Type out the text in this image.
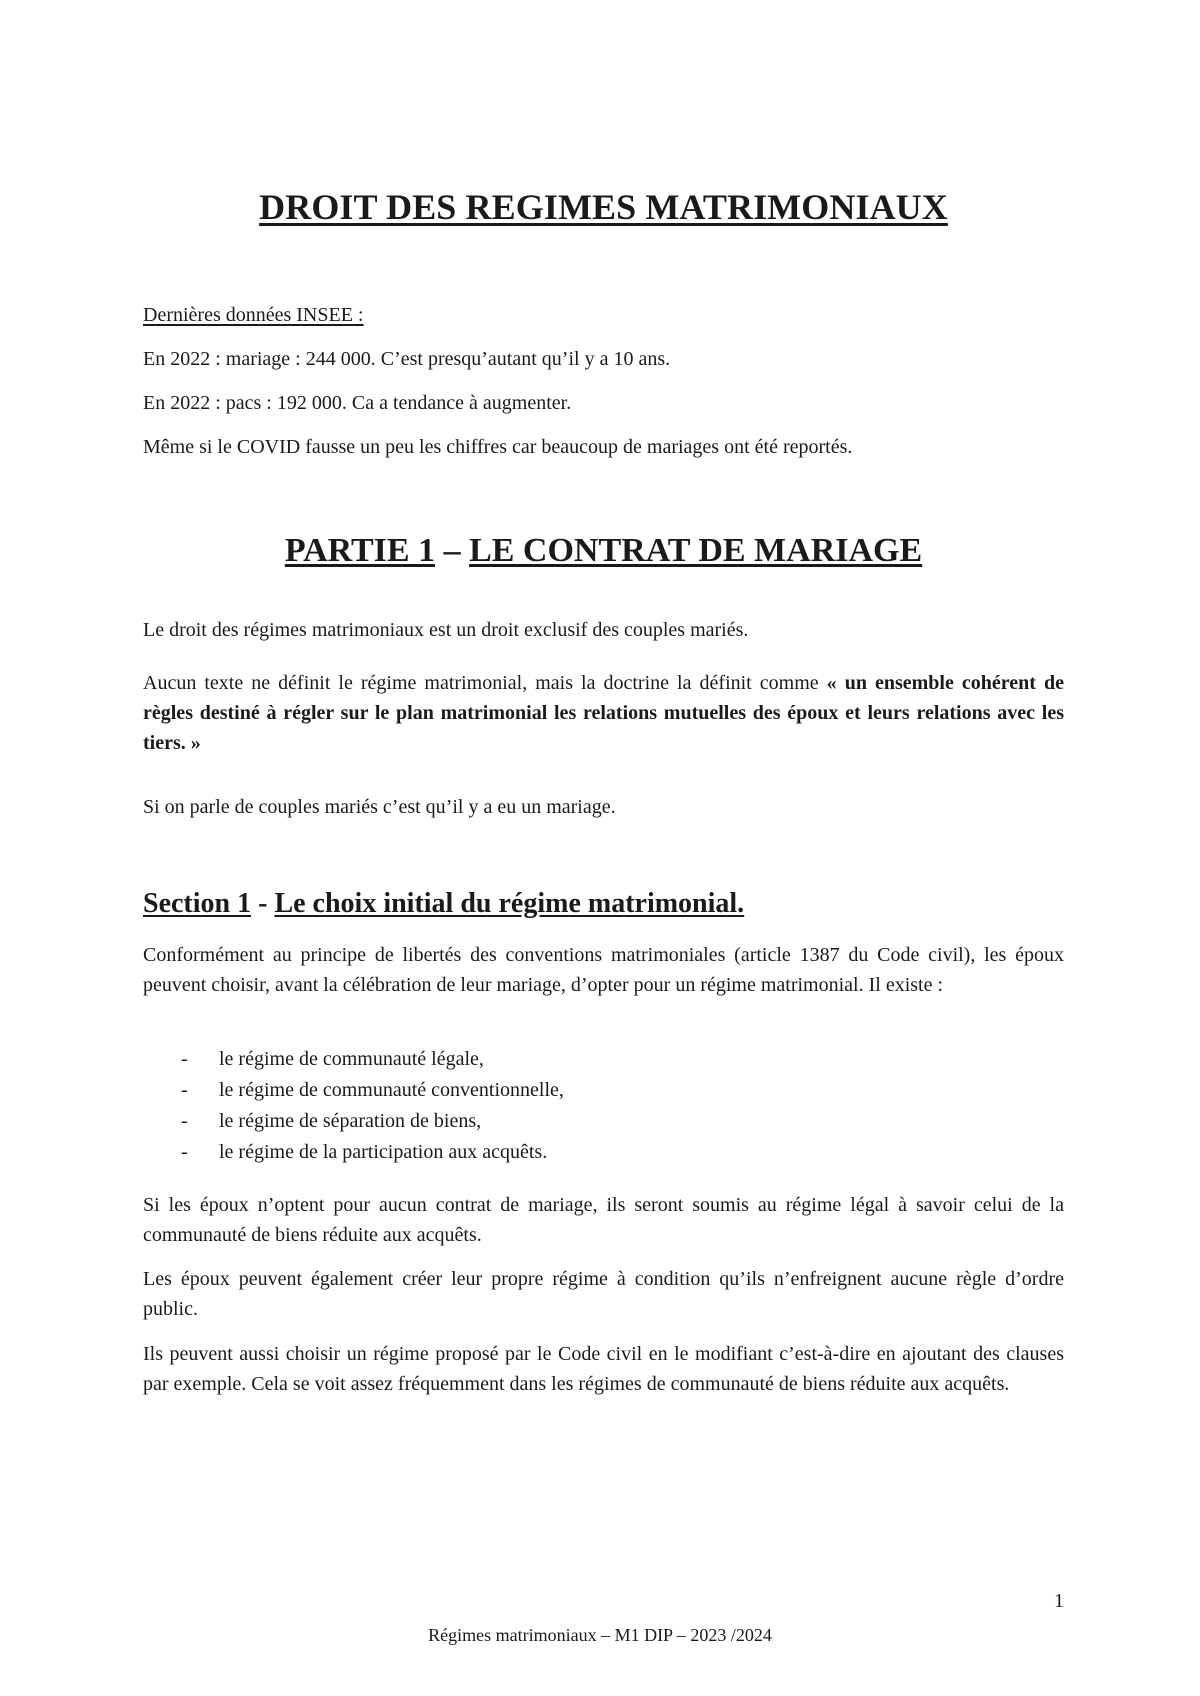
DROIT DES REGIMES MATRIMONIAUX

Dernières données INSEE :

En 2022 : mariage : 244 000. C’est presqu’autant qu’il y a 10 ans.

En 2022 : pacs : 192 000. Ca a tendance à augmenter.

Même si le COVID fausse un peu les chiffres car beaucoup de mariages ont été reportés.

PARTIE 1 – LE CONTRAT DE MARIAGE

Le droit des régimes matrimoniaux est un droit exclusif des couples mariés.

Aucun texte ne définit le régime matrimonial, mais la doctrine la définit comme « un ensemble cohérent de règles destiné à régler sur le plan matrimonial les relations mutuelles des époux et leurs relations avec les tiers. »

Si on parle de couples mariés c’est qu’il y a eu un mariage.

Section 1 - Le choix initial du régime matrimonial.

Conformément au principe de libertés des conventions matrimoniales (article 1387 du Code civil), les époux peuvent choisir, avant la célébration de leur mariage, d’opter pour un régime matrimonial. Il existe :

- le régime de communauté légale,
- le régime de communauté conventionnelle,
- le régime de séparation de biens,
- le régime de la participation aux acquêts.

Si les époux n’optent pour aucun contrat de mariage, ils seront soumis au régime légal à savoir celui de la communauté de biens réduite aux acquêts.

Les époux peuvent également créer leur propre régime à condition qu’ils n’enfreignent aucune règle d’ordre public.

Ils peuvent aussi choisir un régime proposé par le Code civil en le modifiant c’est-à-dire en ajoutant des clauses par exemple. Cela se voit assez fréquemment dans les régimes de communauté de biens réduite aux acquêts.

1
Régimes matrimoniaux – M1 DIP – 2023 /2024
